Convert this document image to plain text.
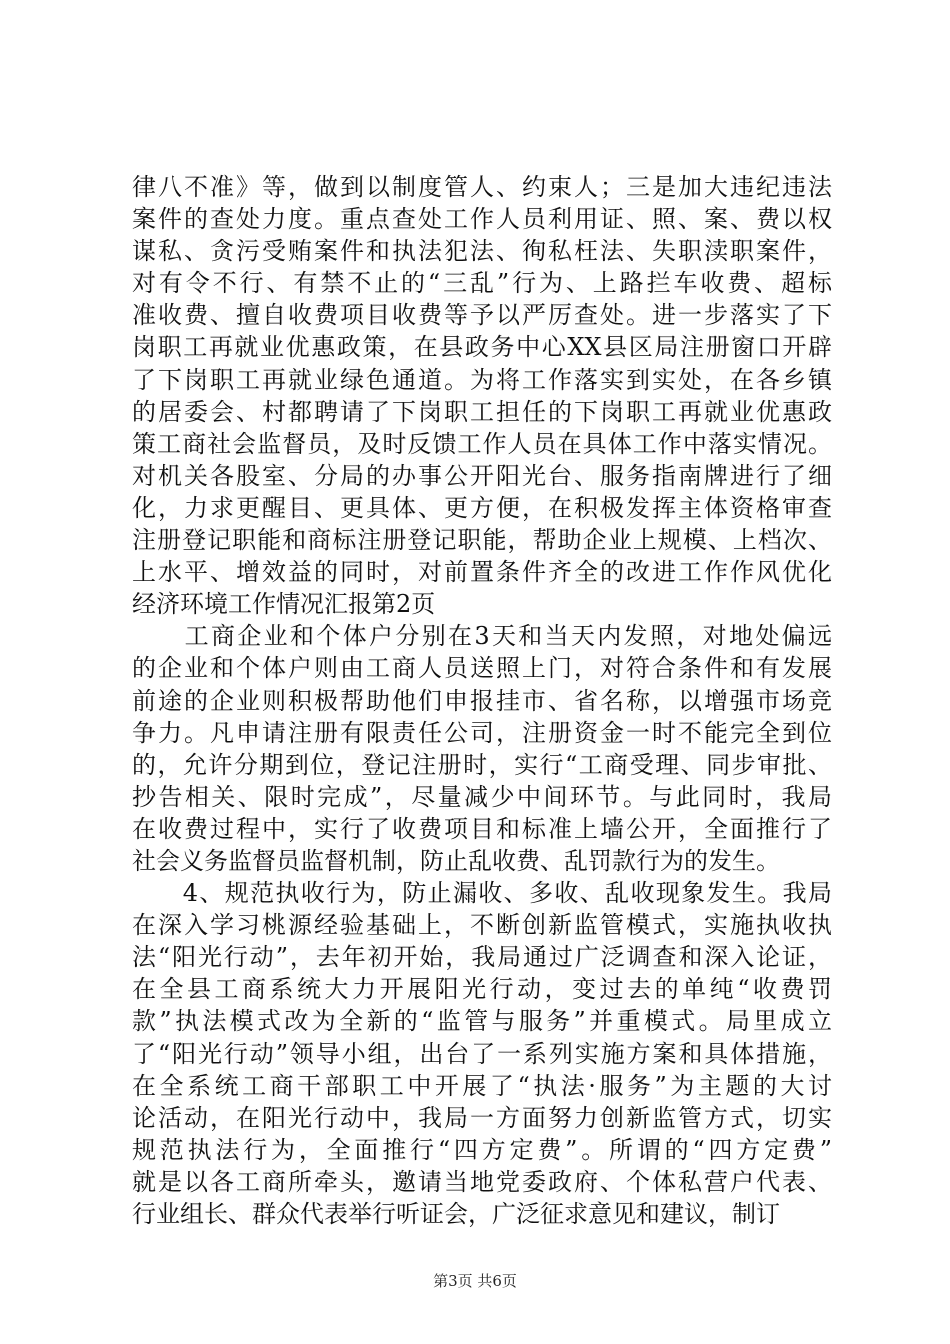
律八不准》等，做到以制度管人、约束人；三是加大违纪违法
案件的查处力度。重点查处工作人员利用证、照、案、费以权
谋私、贪污受贿案件和执法犯法、徇私枉法、失职渎职案件，
对有令不行、有禁不止的“三乱”行为、上路拦车收费、超标
准收费、擅自收费项目收费等予以严厉查处。进一步落实了下
岗职工再就业优惠政策，在县政务中心XX县区局注册窗口开辟
了下岗职工再就业绿色通道。为将工作落实到实处，在各乡镇
的居委会、村都聘请了下岗职工担任的下岗职工再就业优惠政
策工商社会监督员，及时反馈工作人员在具体工作中落实情况。
对机关各股室、分局的办事公开阳光台、服务指南牌进行了细
化，力求更醒目、更具体、更方便，在积极发挥主体资格审查
注册登记职能和商标注册登记职能，帮助企业上规模、上档次、
上水平、增效益的同时，对前置条件齐全的改进工作作风优化
经济环境工作情况汇报第2页
　　工商企业和个体户分别在3天和当天内发照，对地处偏远
的企业和个体户则由工商人员送照上门，对符合条件和有发展
前途的企业则积极帮助他们申报挂市、省名称，以增强市场竞
争力。凡申请注册有限责任公司，注册资金一时不能完全到位
的，允许分期到位，登记注册时，实行“工商受理、同步审批、
抄告相关、限时完成”，尽量减少中间环节。与此同时，我局
在收费过程中，实行了收费项目和标准上墙公开，全面推行了
社会义务监督员监督机制，防止乱收费、乱罚款行为的发生。
　　4、规范执收行为，防止漏收、多收、乱收现象发生。我局
在深入学习桃源经验基础上，不断创新监管模式，实施执收执
法“阳光行动”，去年初开始，我局通过广泛调查和深入论证，
在全县工商系统大力开展阳光行动，变过去的单纯“收费罚
款”执法模式改为全新的“监管与服务”并重模式。局里成立
了“阳光行动”领导小组，出台了一系列实施方案和具体措施，
在全系统工商干部职工中开展了“执法·服务”为主题的大讨
论活动，在阳光行动中，我局一方面努力创新监管方式，切实
规范执法行为，全面推行“四方定费”。所谓的“四方定费”
就是以各工商所牵头，邀请当地党委政府、个体私营户代表、
行业组长、群众代表举行听证会，广泛征求意见和建议，制订
第3页 共6页
